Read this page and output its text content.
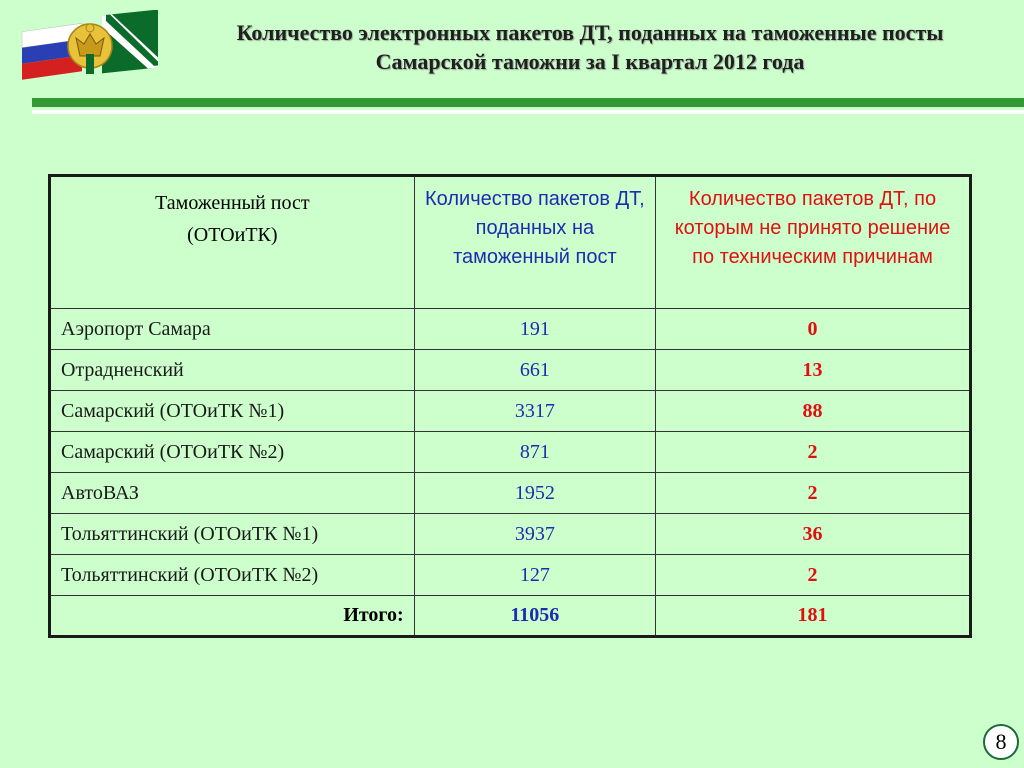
Количество электронных пакетов ДТ, поданных на таможенные посты
Самарской таможни за I квартал 2012 года
Таможенный пост
(ОТОиТК)	Количество пакетов ДТ, поданных на таможенный пост	Количество пакетов ДТ, по которым не принято решение по техническим причинам
Аэропорт Самара	191	0
Отрадненский	661	13
Самарский (ОТОиТК №1)	3317	88
Самарский (ОТОиТК №2)	871	2
АвтоВАЗ	1952	2
Тольяттинский (ОТОиТК №1)	3937	36
Тольяттинский (ОТОиТК №2)	127	2
Итого:	11056	181
8
